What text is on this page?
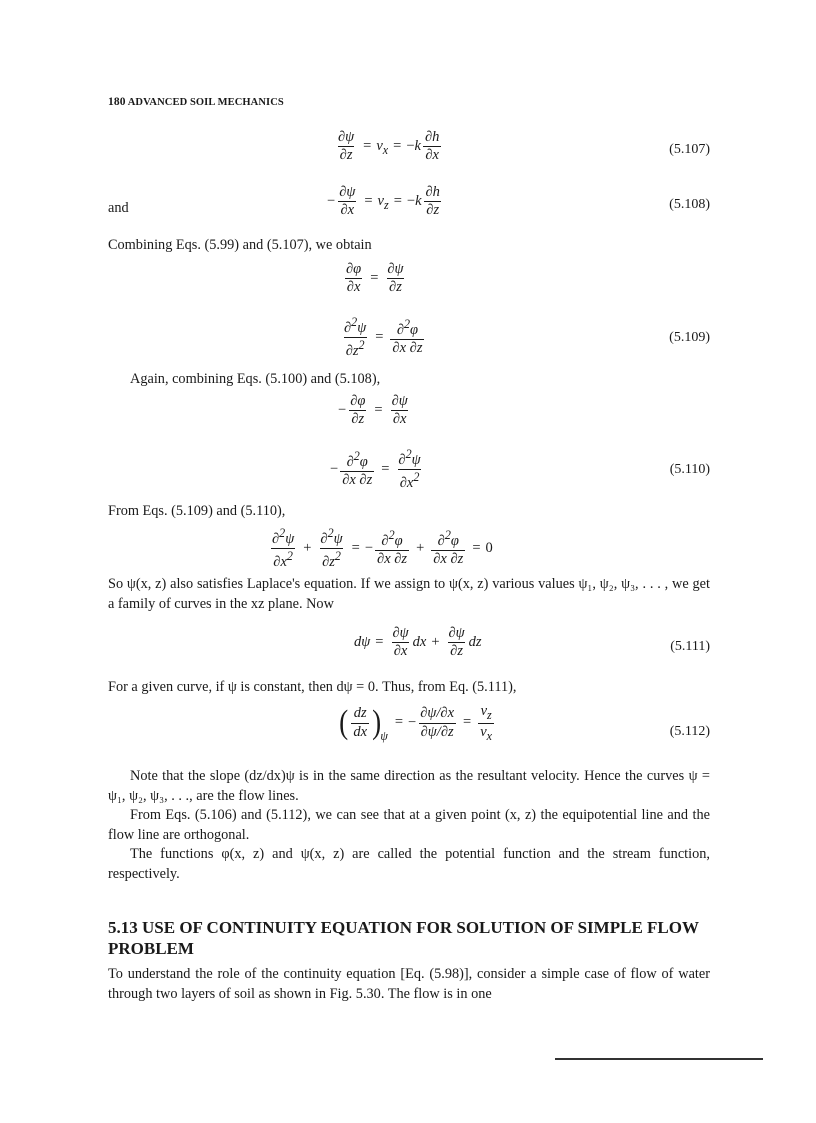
180 ADVANCED SOIL MECHANICS
$\frac{\partial\psi}{\partial z} = v_x = -k \frac{\partial h}{\partial x}$	(5.107)
and	− $\frac{\partial\psi}{\partial x} = v_z = -k \frac{\partial h}{\partial z}$	(5.108)
Combining Eqs. (5.99) and (5.107), we obtain
$\frac{\partial\varphi}{\partial x} = \frac{\partial\psi}{\partial z}$
$\frac{\partial^2\psi}{\partial z^2} = \frac{\partial^2\varphi}{\partial x \partial z}$	(5.109)
Again, combining Eqs. (5.100) and (5.108),
− $\frac{\partial\varphi}{\partial z} = \frac{\partial\psi}{\partial x}$
− $\frac{\partial^2\varphi}{\partial x \partial z} = \frac{\partial^2\psi}{\partial x^2}$	(5.110)
From Eqs. (5.109) and (5.110),
$\frac{\partial^2\psi}{\partial x^2} + \frac{\partial^2\psi}{\partial z^2}$ = − $\frac{\partial^2\varphi}{\partial x \partial z} + \frac{\partial^2\varphi}{\partial x \partial z} = 0$
So ψ(x, z) also satisfies Laplace's equation. If we assign to ψ(x, z) various values ψ₁, ψ₂, ψ₃, . . . , we get a family of curves in the xz plane. Now
$d\psi = \frac{\partial\psi}{\partial x}$ dx + $\frac{\partial\psi}{\partial z}$ dz	(5.111)
For a given curve, if ψ is constant, then dψ = 0. Thus, from Eq. (5.111),
( $\frac{dz}{dx} )_\psi= - \frac{\partial\psi/\partial x}{\partial\psi/\partial z} = \frac{v_z}{v_x}$	(5.112)
Note that the slope (dz/dx)ψ is in the same direction as the resultant velocity. Hence the curves ψ = ψ₁, ψ₂, ψ₃, . . ., are the flow lines.
From Eqs. (5.106) and (5.112), we can see that at a given point (x, z) the equipotential line and the flow line are orthogonal.
The functions φ(x, z) and ψ(x, z) are called the potential function and the stream function, respectively.
5.13 USE OF CONTINUITY EQUATION FOR SOLUTION OF SIMPLE FLOW PROBLEM
To understand the role of the continuity equation [Eq. (5.98)], consider a simple case of flow of water through two layers of soil as shown in Fig. 5.30. The flow is in one
